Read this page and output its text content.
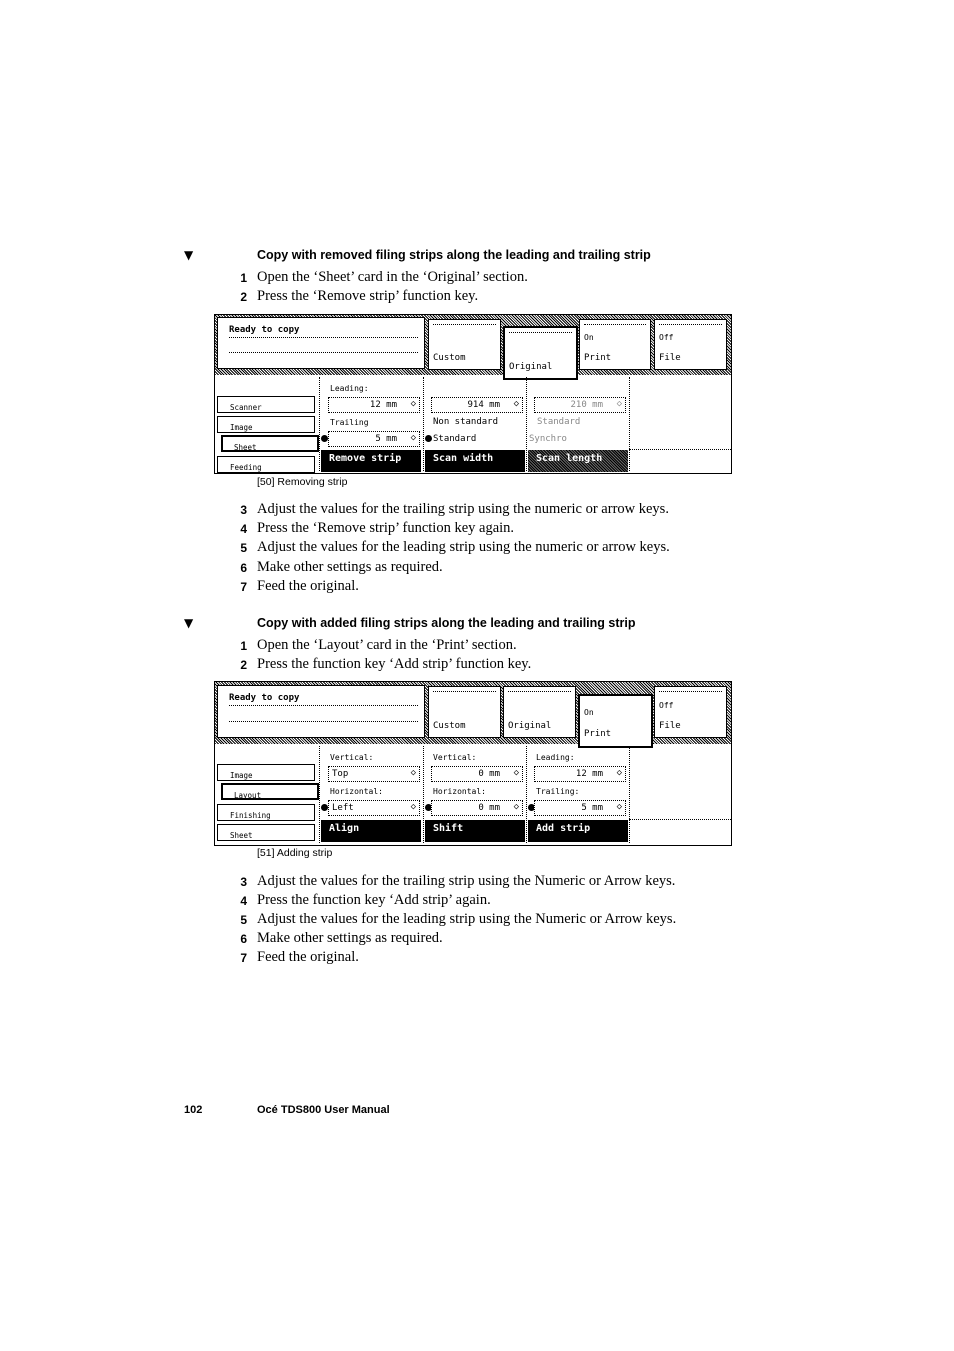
▼	Copy with removed filing strips along the leading and trailing strip
1 Open the ‘Sheet’ card in the ‘Original’ section.
2 Press the ‘Remove strip’ function key.
Ready to copy
Custom
Original
On
Print
Off
File
Scanner
Image
Sheet
Feeding
Leading:
12 mm ◇
Trailing
5 mm ◇
Remove strip
914 mm ◇
Non standard
Standard
Scan width
210 mm ◇
Standard
Synchro
Scan length
[50] Removing strip
3 Adjust the values for the trailing strip using the numeric or arrow keys.
4 Press the ‘Remove strip’ function key again.
5 Adjust the values for the leading strip using the numeric or arrow keys.
6 Make other settings as required.
7 Feed the original.
▼	Copy with added filing strips along the leading and trailing strip
1 Open the ‘Layout’ card in the ‘Print’ section.
2 Press the function key ‘Add strip’ function key.
Ready to copy
Custom	Original
On
Print
Off
File
Image
Layout
Finishing
Sheet
Vertical:
Top	◇
Horizontal:
Left	◇
Align
Vertical:
0 mm ◇
Horizontal:
0 mm ◇
Shift
Leading:
12 mm ◇
Trailing:
5 mm ◇
Add strip
[51] Adding strip
3 Adjust the values for the trailing strip using the Numeric or Arrow keys.
4 Press the function key ‘Add strip’ again.
5 Adjust the values for the leading strip using the Numeric or Arrow keys.
6 Make other settings as required.
7 Feed the original.
102	Océ TDS800 User Manual
